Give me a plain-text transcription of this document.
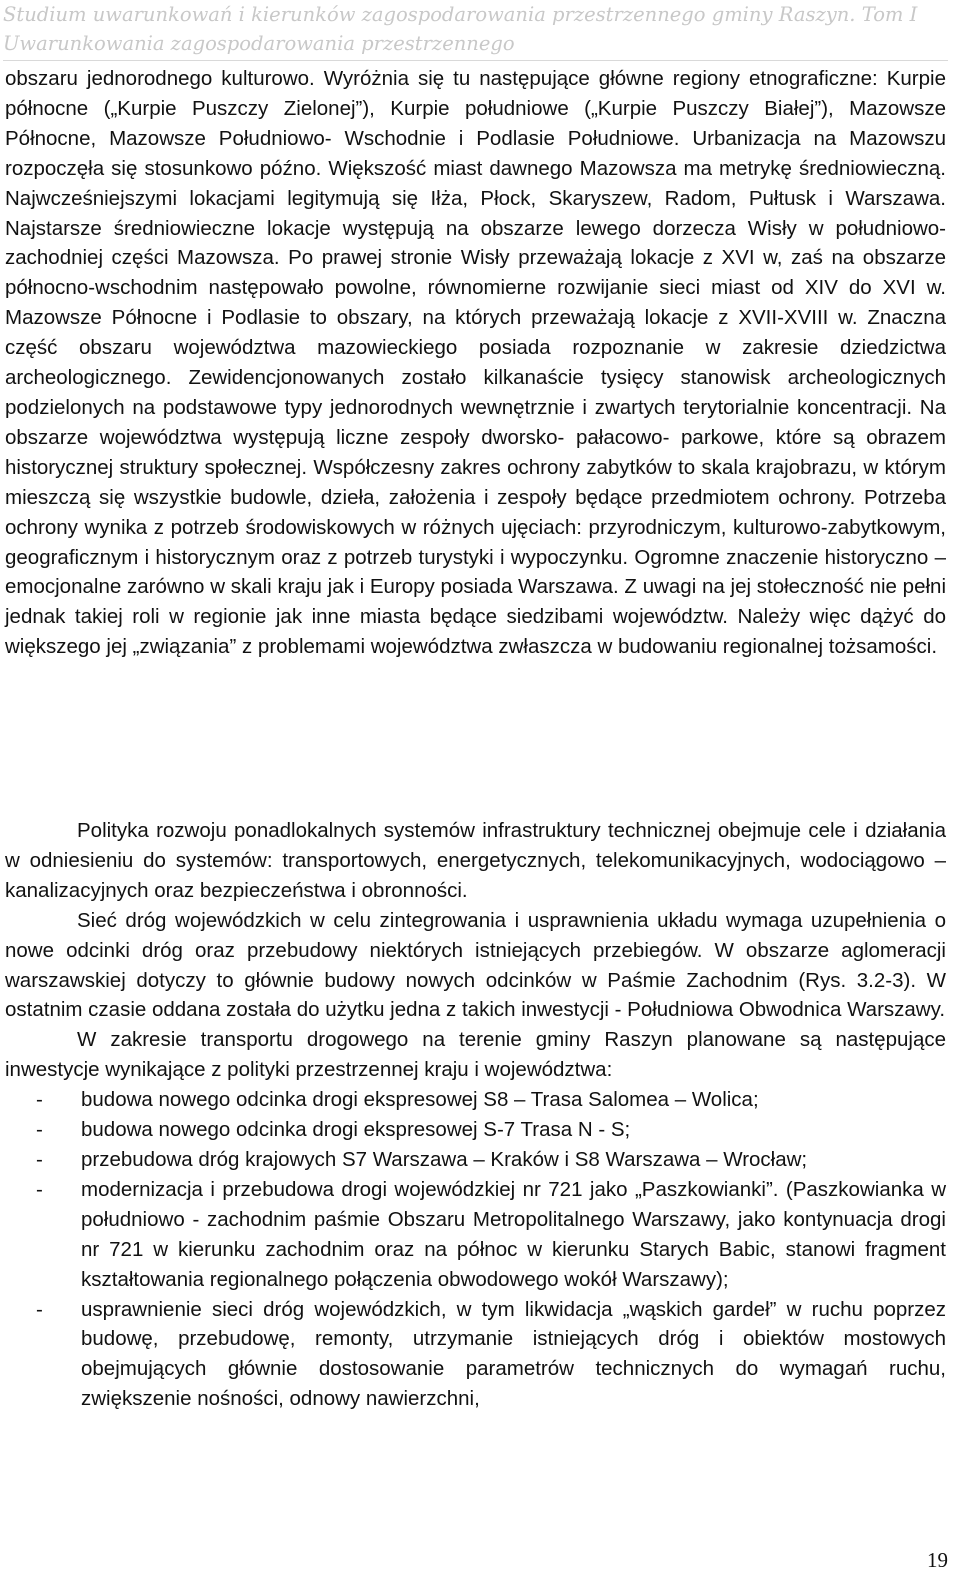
Studium uwarunkowań i kierunków zagospodarowania przestrzennego gminy Raszyn. Tom I
Uwarunkowania zagospodarowania przestrzennego

obszaru jednorodnego kulturowo. Wyróżnia się tu następujące główne regiony etnograficzne: Kurpie północne („Kurpie Puszczy Zielonej”), Kurpie południowe („Kurpie Puszczy Białej”), Mazowsze Północne, Mazowsze Południowo- Wschodnie i Podlasie Południowe. Urbanizacja na Mazowszu rozpoczęła się stosunkowo późno. Większość miast dawnego Mazowsza ma metrykę średniowieczną. Najwcześniejszymi lokacjami legitymują się Iłża, Płock, Skaryszew, Radom, Pułtusk i Warszawa. Najstarsze średniowieczne lokacje występują na obszarze lewego dorzecza Wisły w południowo-zachodniej części Mazowsza. Po prawej stronie Wisły przeważają lokacje z XVI w, zaś na obszarze północno-wschodnim następowało powolne, równomierne rozwijanie sieci miast od XIV do XVI w. Mazowsze Północne i Podlasie to obszary, na których przeważają lokacje z XVII-XVIII w. Znaczna część obszaru województwa mazowieckiego posiada rozpoznanie w zakresie dziedzictwa archeologicznego. Zewidencjonowanych zostało kilkanaście tysięcy stanowisk archeologicznych podzielonych na podstawowe typy jednorodnych wewnętrznie i zwartych terytorialnie koncentracji. Na obszarze województwa występują liczne zespoły dworsko- pałacowo- parkowe, które są obrazem historycznej struktury społecznej. Współczesny zakres ochrony zabytków to skala krajobrazu, w którym mieszczą się wszystkie budowle, dzieła, założenia i zespoły będące przedmiotem ochrony. Potrzeba ochrony wynika z potrzeb środowiskowych w różnych ujęciach: przyrodniczym, kulturowo-zabytkowym, geograficznym i historycznym oraz z potrzeb turystyki i wypoczynku. Ogromne znaczenie historyczno – emocjonalne zarówno w skali kraju jak i Europy posiada Warszawa. Z uwagi na jej stołeczność nie pełni jednak takiej roli w regionie jak inne miasta będące siedzibami województw. Należy więc dążyć do większego jej „związania” z problemami województwa zwłaszcza w budowaniu regionalnej tożsamości.

Polityka rozwoju ponadlokalnych systemów infrastruktury technicznej obejmuje cele i działania w odniesieniu do systemów: transportowych, energetycznych, telekomunikacyjnych, wodociągowo – kanalizacyjnych oraz bezpieczeństwa i obronności.

Sieć dróg wojewódzkich w celu zintegrowania i usprawnienia układu wymaga uzupełnienia o nowe odcinki dróg oraz przebudowy niektórych istniejących przebiegów. W obszarze aglomeracji warszawskiej dotyczy to głównie budowy nowych odcinków w Paśmie Zachodnim (Rys. 3.2-3). W ostatnim czasie oddana została do użytku jedna z takich inwestycji - Południowa Obwodnica Warszawy.

W zakresie transportu drogowego na terenie gminy Raszyn planowane są następujące inwestycje wynikające z polityki przestrzennej kraju i województwa:

- budowa nowego odcinka drogi ekspresowej S8 – Trasa Salomea – Wolica;
- budowa nowego odcinka drogi ekspresowej S-7 Trasa N - S;
- przebudowa dróg krajowych S7 Warszawa – Kraków i S8 Warszawa – Wrocław;
- modernizacja i przebudowa drogi wojewódzkiej nr 721 jako „Paszkowianki”. (Paszkowianka w południowo - zachodnim paśmie Obszaru Metropolitalnego Warszawy, jako kontynuacja drogi nr 721 w kierunku zachodnim oraz na północ w kierunku Starych Babic, stanowi fragment kształtowania regionalnego połączenia obwodowego wokół Warszawy);
- usprawnienie sieci dróg wojewódzkich, w tym likwidacja „wąskich gardeł” w ruchu poprzez budowę, przebudowę, remonty, utrzymanie istniejących dróg i obiektów mostowych obejmujących głównie dostosowanie parametrów technicznych do wymagań ruchu, zwiększenie nośności, odnowy nawierzchni,
19
